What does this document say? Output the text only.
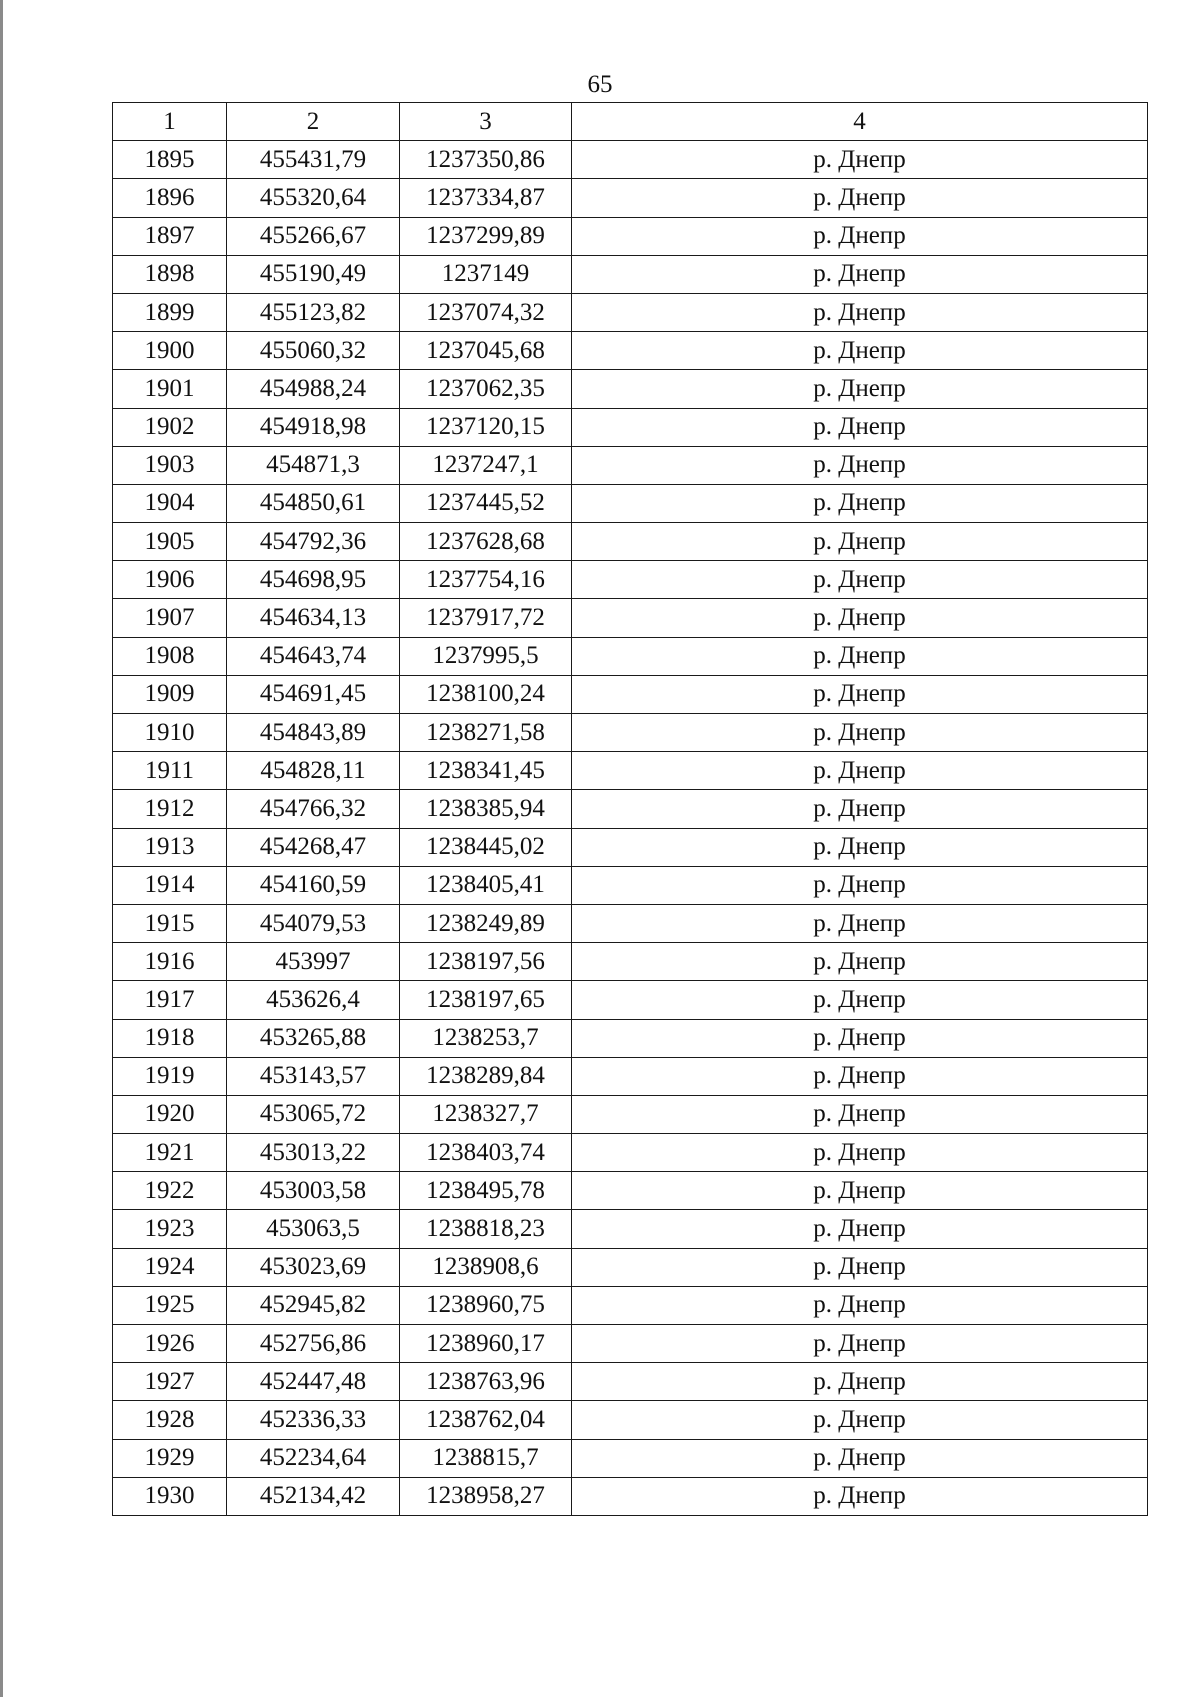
65
1	2	3	4
1895	455431,79	1237350,86	р. Днепр
1896	455320,64	1237334,87	р. Днепр
1897	455266,67	1237299,89	р. Днепр
1898	455190,49	1237149	р. Днепр
1899	455123,82	1237074,32	р. Днепр
1900	455060,32	1237045,68	р. Днепр
1901	454988,24	1237062,35	р. Днепр
1902	454918,98	1237120,15	р. Днепр
1903	454871,3	1237247,1	р. Днепр
1904	454850,61	1237445,52	р. Днепр
1905	454792,36	1237628,68	р. Днепр
1906	454698,95	1237754,16	р. Днепр
1907	454634,13	1237917,72	р. Днепр
1908	454643,74	1237995,5	р. Днепр
1909	454691,45	1238100,24	р. Днепр
1910	454843,89	1238271,58	р. Днепр
1911	454828,11	1238341,45	р. Днепр
1912	454766,32	1238385,94	р. Днепр
1913	454268,47	1238445,02	р. Днепр
1914	454160,59	1238405,41	р. Днепр
1915	454079,53	1238249,89	р. Днепр
1916	453997	1238197,56	р. Днепр
1917	453626,4	1238197,65	р. Днепр
1918	453265,88	1238253,7	р. Днепр
1919	453143,57	1238289,84	р. Днепр
1920	453065,72	1238327,7	р. Днепр
1921	453013,22	1238403,74	р. Днепр
1922	453003,58	1238495,78	р. Днепр
1923	453063,5	1238818,23	р. Днепр
1924	453023,69	1238908,6	р. Днепр
1925	452945,82	1238960,75	р. Днепр
1926	452756,86	1238960,17	р. Днепр
1927	452447,48	1238763,96	р. Днепр
1928	452336,33	1238762,04	р. Днепр
1929	452234,64	1238815,7	р. Днепр
1930	452134,42	1238958,27	р. Днепр
